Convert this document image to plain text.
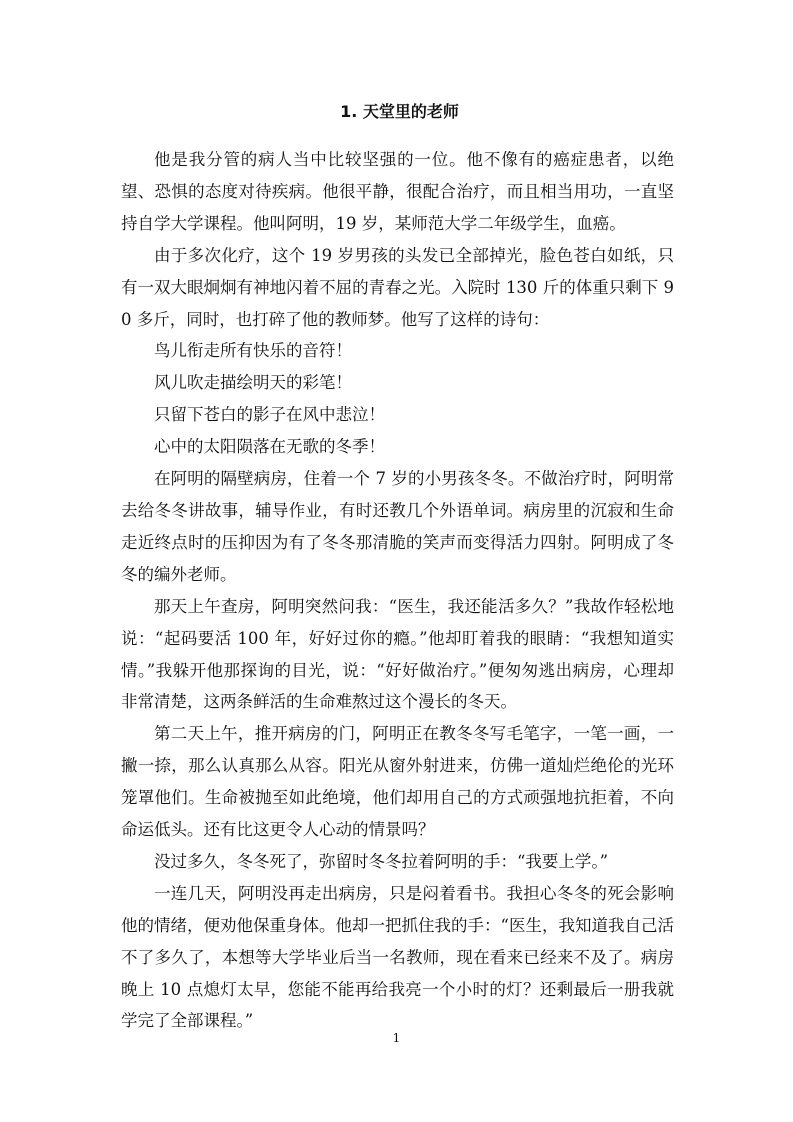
1. 天堂里的老师

他是我分管的病人当中比较坚强的一位。他不像有的癌症患者，以绝望、恐惧的态度对待疾病。他很平静，很配合治疗，而且相当用功，一直坚持自学大学课程。他叫阿明，19 岁，某师范大学二年级学生，血癌。

由于多次化疗，这个 19 岁男孩的头发已全部掉光，脸色苍白如纸，只有一双大眼炯炯有神地闪着不屈的青春之光。入院时 130 斤的体重只剩下 90 多斤，同时，也打碎了他的教师梦。他写了这样的诗句：

鸟儿衔走所有快乐的音符！

风儿吹走描绘明天的彩笔！

只留下苍白的影子在风中悲泣！

心中的太阳陨落在无歌的冬季！

在阿明的隔壁病房，住着一个 7 岁的小男孩冬冬。不做治疗时，阿明常去给冬冬讲故事，辅导作业，有时还教几个外语单词。病房里的沉寂和生命走近终点时的压抑因为有了冬冬那清脆的笑声而变得活力四射。阿明成了冬冬的编外老师。

那天上午查房，阿明突然问我：“医生，我还能活多久？”我故作轻松地说：“起码要活 100 年，好好过你的瘾。”他却盯着我的眼睛：“我想知道实情。”我躲开他那探询的目光，说：“好好做治疗。”便匆匆逃出病房，心理却非常清楚，这两条鲜活的生命难熬过这个漫长的冬天。

第二天上午，推开病房的门，阿明正在教冬冬写毛笔字，一笔一画，一撇一捺，那么认真那么从容。阳光从窗外射进来，仿佛一道灿烂绝伦的光环笼罩他们。生命被抛至如此绝境，他们却用自己的方式顽强地抗拒着，不向命运低头。还有比这更令人心动的情景吗？

没过多久，冬冬死了，弥留时冬冬拉着阿明的手：“我要上学。”

一连几天，阿明没再走出病房，只是闷着看书。我担心冬冬的死会影响他的情绪，便劝他保重身体。他却一把抓住我的手：“医生，我知道我自己活不了多久了，本想等大学毕业后当一名教师，现在看来已经来不及了。病房晚上 10 点熄灯太早，您能不能再给我亮一个小时的灯？还剩最后一册我就学完了全部课程。”

1
